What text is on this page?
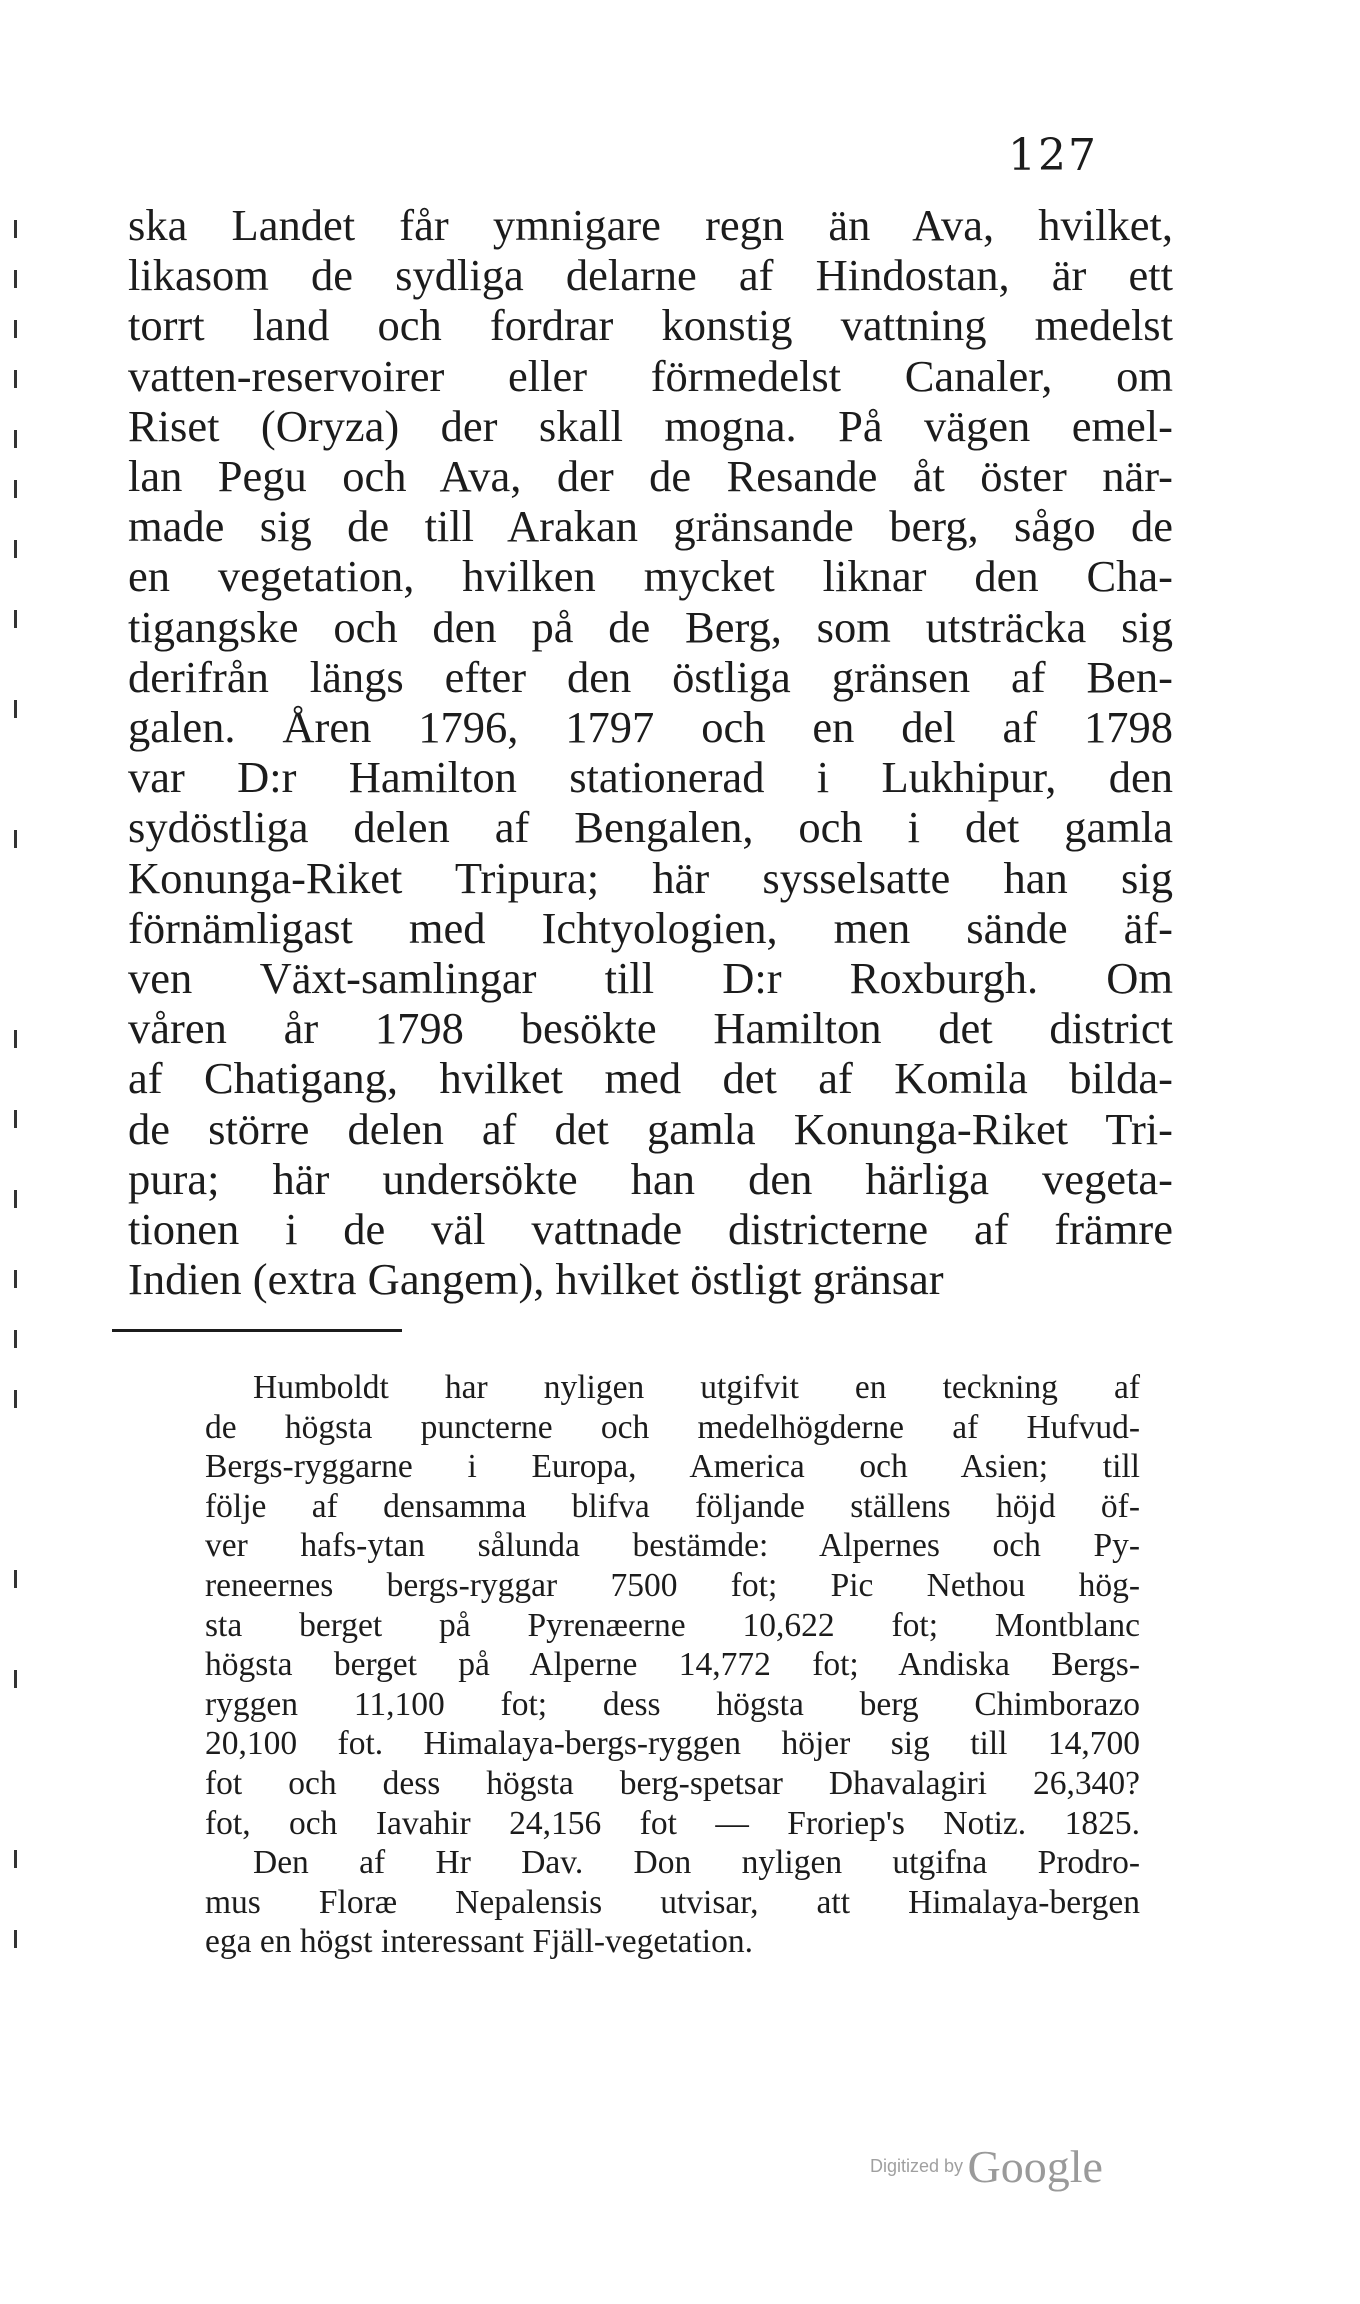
127
ska Landet får ymnigare regn än Ava, hvilket,
likasom de sydliga delarne af Hindostan, är ett
torrt land och fordrar konstig vattning medelst
vatten-reservoirer eller förmedelst Canaler, om
Riset (Oryza) der skall mogna. På vägen emel-
lan Pegu och Ava, der de Resande åt öster när-
made sig de till Arakan gränsande berg, sågo de
en vegetation, hvilken mycket liknar den Cha-
tigangske och den på de Berg, som utsträcka sig
derifrån längs efter den östliga gränsen af Ben-
galen. Åren 1796, 1797 och en del af 1798
var D:r Hamilton stationerad i Lukhipur, den
sydöstliga delen af Bengalen, och i det gamla
Konunga-Riket Tripura; här sysselsatte han sig
förnämligast med Ichtyologien, men sände äf-
ven Växt-samlingar till D:r Roxburgh. Om
våren år 1798 besökte Hamilton det district
af Chatigang, hvilket med det af Komila bilda-
de större delen af det gamla Konunga-Riket Tri-
pura; här undersökte han den härliga vegeta-
tionen i de väl vattnade districterne af främre
Indien (extra Gangem), hvilket östligt gränsar
Humboldt har nyligen utgifvit en teckning af
de högsta puncterne och medelhögderne af Hufvud-
Bergs-ryggarne i Europa, America och Asien; till
följe af densamma blifva följande ställens höjd öf-
ver hafs-ytan sålunda bestämde: Alpernes och Py-
reneernes bergs-ryggar 7500 fot; Pic Nethou hög-
sta berget på Pyrenæerne 10,622 fot; Montblanc
högsta berget på Alperne 14,772 fot; Andiska Bergs-
ryggen 11,100 fot; dess högsta berg Chimborazo
20,100 fot. Himalaya-bergs-ryggen höjer sig till 14,700
fot och dess högsta berg-spetsar Dhavalagiri 26,340?
fot, och Iavahir 24,156 fot — Froriep's Notiz. 1825.
Den af Hr Dav. Don nyligen utgifna Prodro-
mus Floræ Nepalensis utvisar, att Himalaya-bergen
ega en högst interessant Fjäll-vegetation.
Digitized by Google
